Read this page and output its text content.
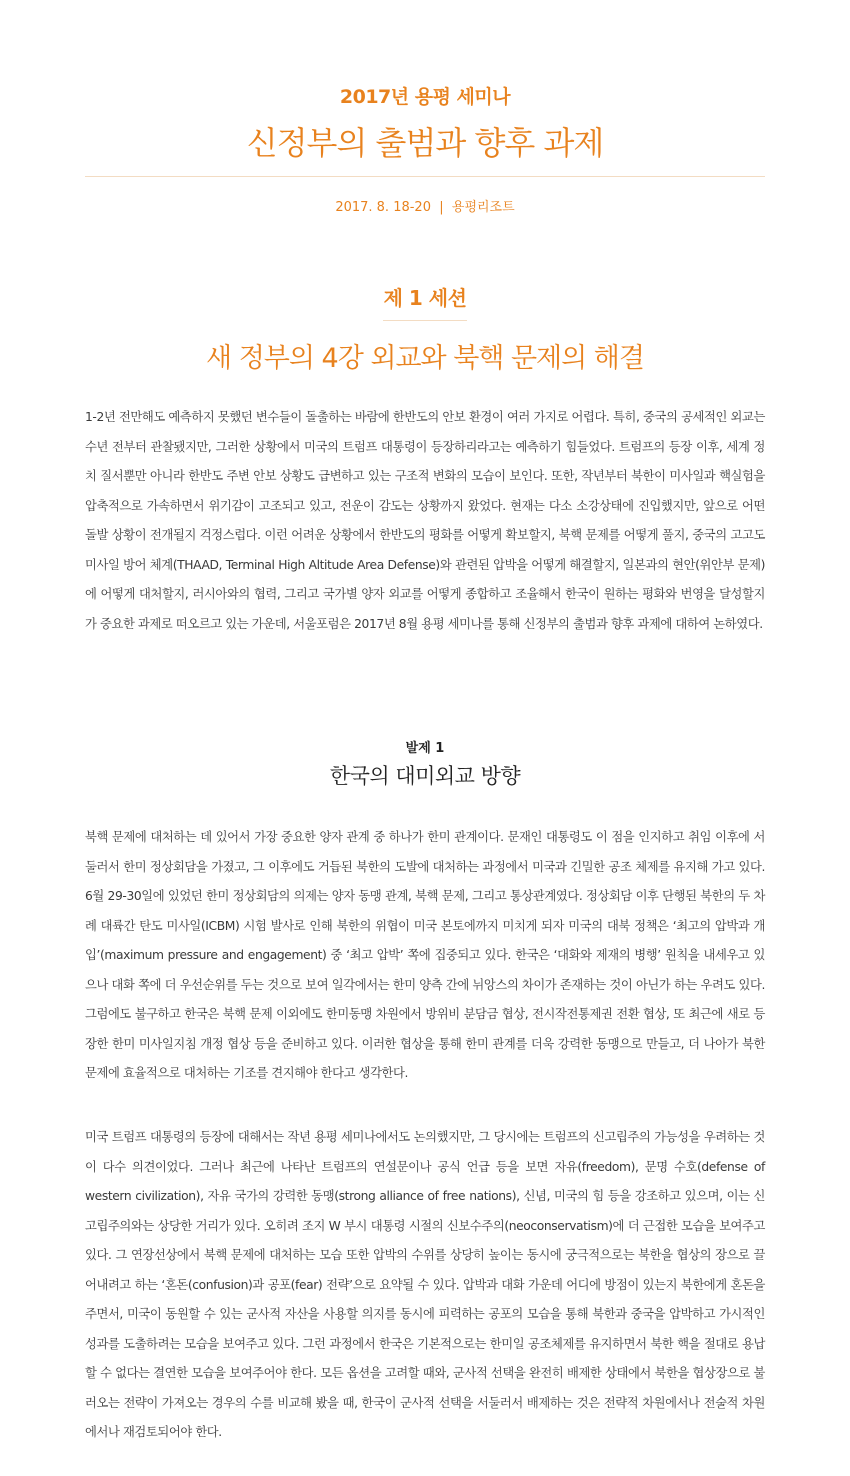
2017년 용평 세미나
신정부의 출범과 향후 과제
2017. 8. 18-20  |  용평리조트
제 1 세션
새 정부의 4강 외교와 북핵 문제의 해결

1-2년 전만해도 예측하지 못했던 변수들이 돌출하는 바람에 한반도의 안보 환경이 여러 가지로 어렵다. 특히, 중국의 공세적인 외교는 수년 전부터 관찰됐지만, 그러한 상황에서 미국의 트럼프 대통령이 등장하리라고는 예측하기 힘들었다. 트럼프의 등장 이후, 세계 정치 질서뿐만 아니라 한반도 주변 안보 상황도 급변하고 있는 구조적 변화의 모습이 보인다. 또한, 작년부터 북한이 미사일과 핵실험을 압축적으로 가속하면서 위기감이 고조되고 있고, 전운이 감도는 상황까지 왔었다. 현재는 다소 소강상태에 진입했지만, 앞으로 어떤 돌발 상황이 전개될지 걱정스럽다. 이런 어려운 상황에서 한반도의 평화를 어떻게 확보할지, 북핵 문제를 어떻게 풀지, 중국의 고고도 미사일 방어 체계(THAAD, Terminal High Altitude Area Defense)와 관련된 압박을 어떻게 해결할지, 일본과의 현안(위안부 문제)에 어떻게 대처할지, 러시아와의 협력, 그리고 국가별 양자 외교를 어떻게 종합하고 조율해서 한국이 원하는 평화와 번영을 달성할지가 중요한 과제로 떠오르고 있는 가운데, 서울포럼은 2017년 8월 용평 세미나를 통해 신정부의 출범과 향후 과제에 대하여 논하였다.

발제 1
한국의 대미외교 방향

북핵 문제에 대처하는 데 있어서 가장 중요한 양자 관계 중 하나가 한미 관계이다. 문재인 대통령도 이 점을 인지하고 취임 이후에 서둘러서 한미 정상회담을 가졌고, 그 이후에도 거듭된 북한의 도발에 대처하는 과정에서 미국과 긴밀한 공조 체제를 유지해 가고 있다. 6월 29-30일에 있었던 한미 정상회담의 의제는 양자 동맹 관계, 북핵 문제, 그리고 통상관계였다. 정상회담 이후 단행된 북한의 두 차례 대륙간 탄도 미사일(ICBM) 시험 발사로 인해 북한의 위협이 미국 본토에까지 미치게 되자 미국의 대북 정책은 ‘최고의 압박과 개입’(maximum pressure and engagement) 중 ‘최고 압박’ 쪽에 집중되고 있다. 한국은 ‘대화와 제재의 병행’ 원칙을 내세우고 있으나 대화 쪽에 더 우선순위를 두는 것으로 보여 일각에서는 한미 양측 간에 뉘앙스의 차이가 존재하는 것이 아닌가 하는 우려도 있다. 그럼에도 불구하고 한국은 북핵 문제 이외에도 한미동맹 차원에서 방위비 분담금 협상, 전시작전통제권 전환 협상, 또 최근에 새로 등장한 한미 미사일지침 개정 협상 등을 준비하고 있다. 이러한 협상을 통해 한미 관계를 더욱 강력한 동맹으로 만들고, 더 나아가 북한 문제에 효율적으로 대처하는 기조를 견지해야 한다고 생각한다.

미국 트럼프 대통령의 등장에 대해서는 작년 용평 세미나에서도 논의했지만, 그 당시에는 트럼프의 신고립주의 가능성을 우려하는 것이 다수 의견이었다. 그러나 최근에 나타난 트럼프의 연설문이나 공식 언급 등을 보면 자유(freedom), 문명 수호(defense of western civilization), 자유 국가의 강력한 동맹(strong alliance of free nations), 신념, 미국의 힘 등을 강조하고 있으며, 이는 신고립주의와는 상당한 거리가 있다. 오히려 조지 W 부시 대통령 시절의 신보수주의(neoconservatism)에 더 근접한 모습을 보여주고 있다. 그 연장선상에서 북핵 문제에 대처하는 모습 또한 압박의 수위를 상당히 높이는 동시에 궁극적으로는 북한을 협상의 장으로 끌어내려고 하는 ‘혼돈(confusion)과 공포(fear) 전략’으로 요약될 수 있다. 압박과 대화 가운데 어디에 방점이 있는지 북한에게 혼돈을 주면서, 미국이 동원할 수 있는 군사적 자산을 사용할 의지를 동시에 피력하는 공포의 모습을 통해 북한과 중국을 압박하고 가시적인 성과를 도출하려는 모습을 보여주고 있다. 그런 과정에서 한국은 기본적으로는 한미일 공조체제를 유지하면서 북한 핵을 절대로 용납할 수 없다는 결연한 모습을 보여주어야 한다. 모든 옵션을 고려할 때와, 군사적 선택을 완전히 배제한 상태에서 북한을 협상장으로 불러오는 전략이 가져오는 경우의 수를 비교해 봤을 때, 한국이 군사적 선택을 서둘러서 배제하는 것은 전략적 차원에서나 전술적 차원에서나 재검토되어야 한다.
